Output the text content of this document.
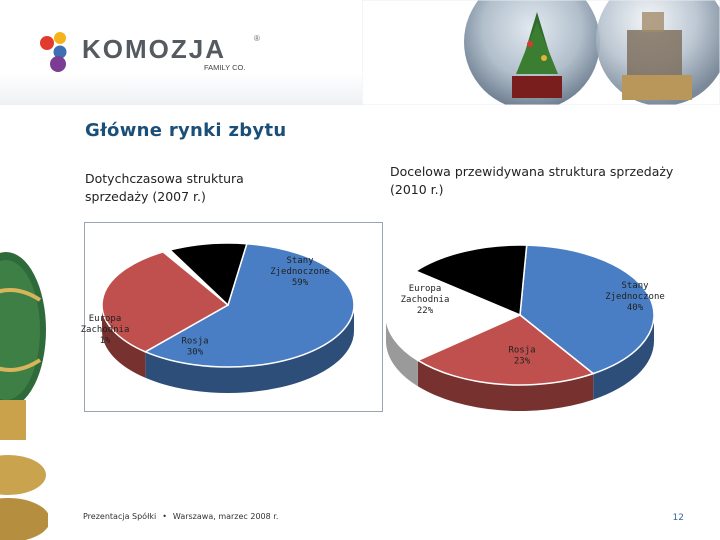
KOMOZJA	®
FAMILY CO.
Główne rynki zbytu
Dotychczasowa struktura sprzedaży (2007 r.)
Docelowa przewidywana struktura sprzedaży (2010 r.)
Stany Zjednoczone 59%
Rosja 30%
Europa Zachodnia 1%
Stany Zjednoczone 40%
Rosja 23%
Europa Zachodnia 22%
Prezentacja Spółki • Warszawa, marzec 2008 r.	12
